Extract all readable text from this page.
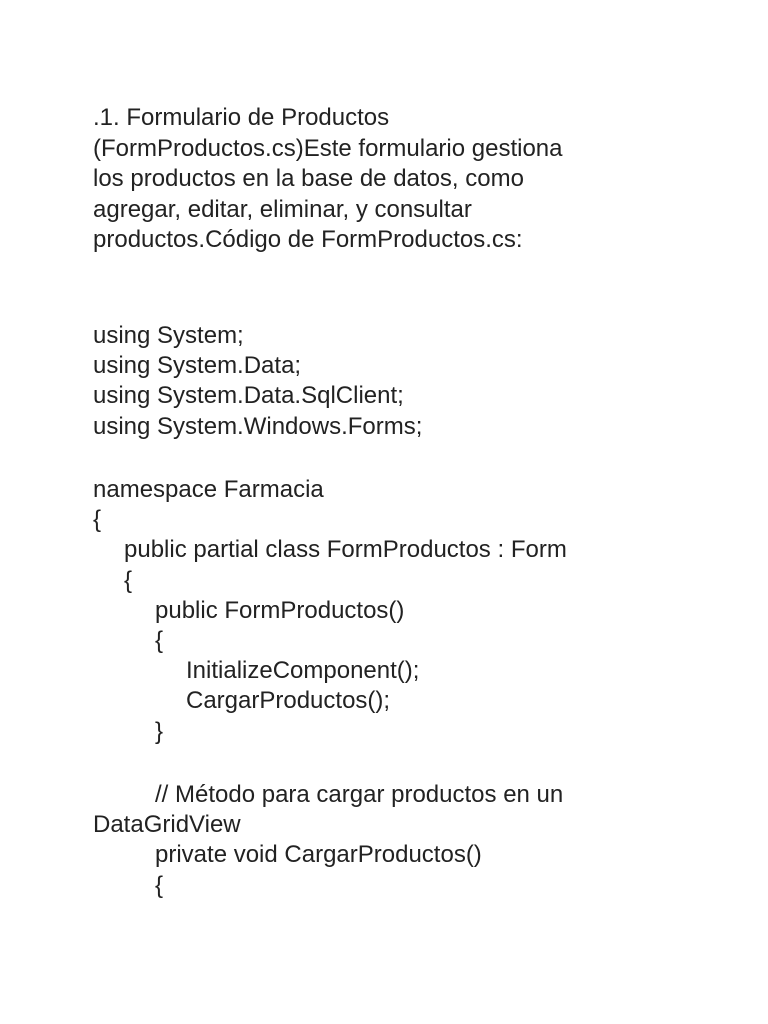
.1. Formulario de Productos
(FormProductos.cs)Este formulario gestiona
los productos en la base de datos, como
agregar, editar, eliminar, y consultar
productos.Código de FormProductos.cs:
using System;
using System.Data;
using System.Data.SqlClient;
using System.Windows.Forms;
namespace Farmacia
{
public partial class FormProductos : Form
{
public FormProductos()
{
InitializeComponent();
CargarProductos();
}
// Método para cargar productos en un
DataGridView
private void CargarProductos()
{
